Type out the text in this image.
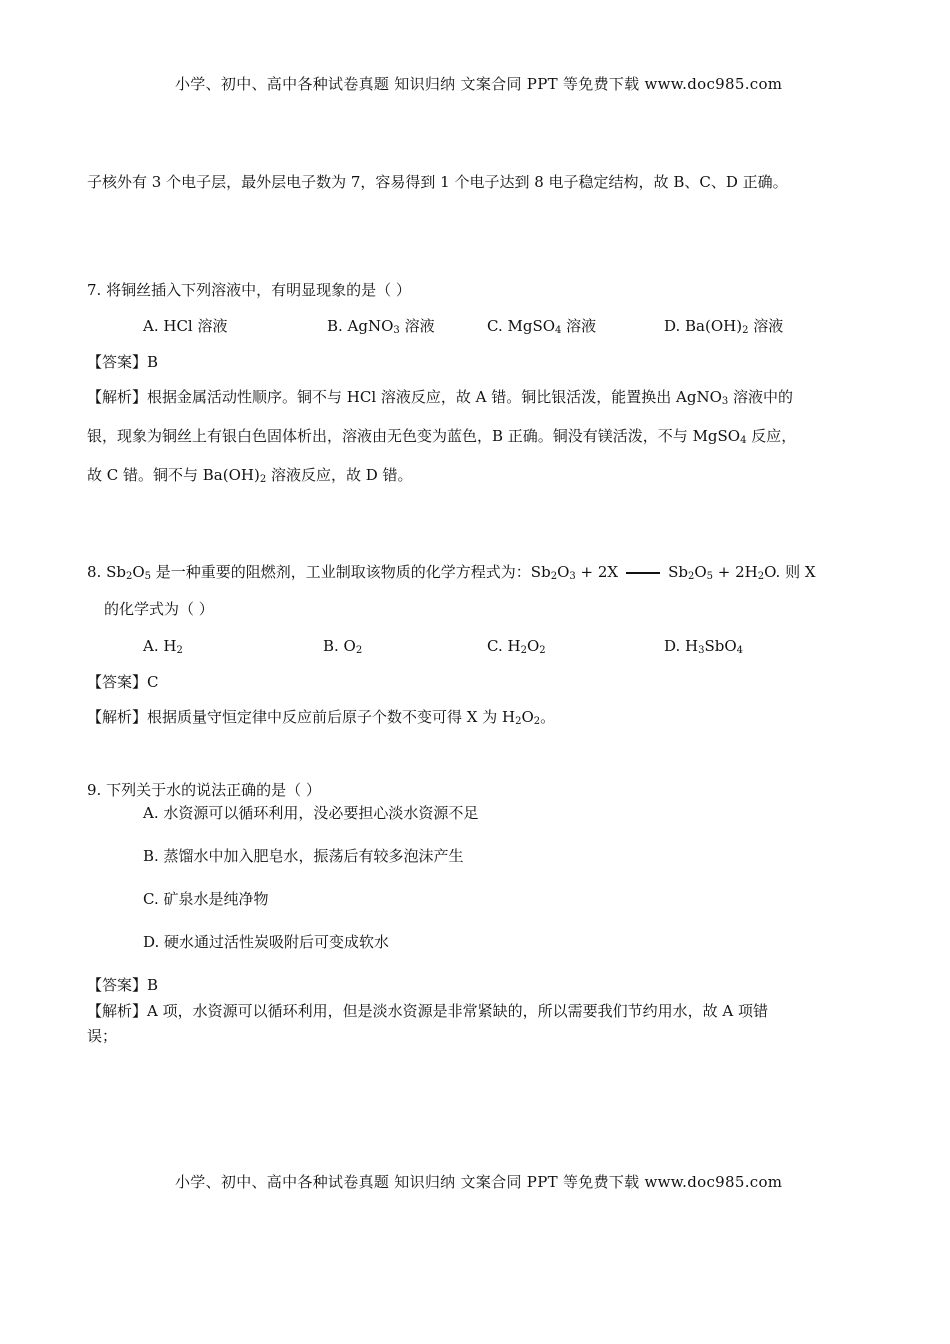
小学、初中、高中各种试卷真题 知识归纳 文案合同 PPT 等免费下载 www.doc985.com
子核外有 3 个电子层，最外层电子数为 7，容易得到 1 个电子达到 8 电子稳定结构，故 B、C、D 正确。
7. 将铜丝插入下列溶液中，有明显现象的是（ ）
A. HCl 溶液	B. AgNO$_3$ 溶液	C. MgSO$_4$ 溶液	D. $Ba(OH)_2$ 溶液
【答案】B
【解析】根据金属活动性顺序。铜不与 HCl 溶液反应，故 A 错。铜比银活泼，能置换出 AgNO$_3$ 溶液中的
银，现象为铜丝上有银白色固体析出，溶液由无色变为蓝色，B 正确。铜没有镁活泼，不与 MgSO$_4$ 反应，
故 C 错。铜不与 $Ba(OH)_2$ 溶液反应，故 D 错。
8. $Sb_2O_5$ 是一种重要的阻燃剂，工业制取该物质的化学方程式为：$Sb_2O_3 + 2X$	$Sb_2O_5 + 2H_2O$. 则 X
的化学式为（ ）
A. $H_2$	B. $O_2$	C. $H_2O_2$	D. $H_3SbO_4$
【答案】C
【解析】根据质量守恒定律中反应前后原子个数不变可得 X 为 $H_2O_2$。
9. 下列关于水的说法正确的是（ ）
A. 水资源可以循环利用，没必要担心淡水资源不足
B. 蒸馏水中加入肥皂水，振荡后有较多泡沫产生
C. 矿泉水是纯净物
D. 硬水通过活性炭吸附后可变成软水
【答案】B
【解析】A 项，水资源可以循环利用，但是淡水资源是非常紧缺的，所以需要我们节约用水，故 A 项错
误；
小学、初中、高中各种试卷真题 知识归纳 文案合同 PPT 等免费下载 www.doc985.com
